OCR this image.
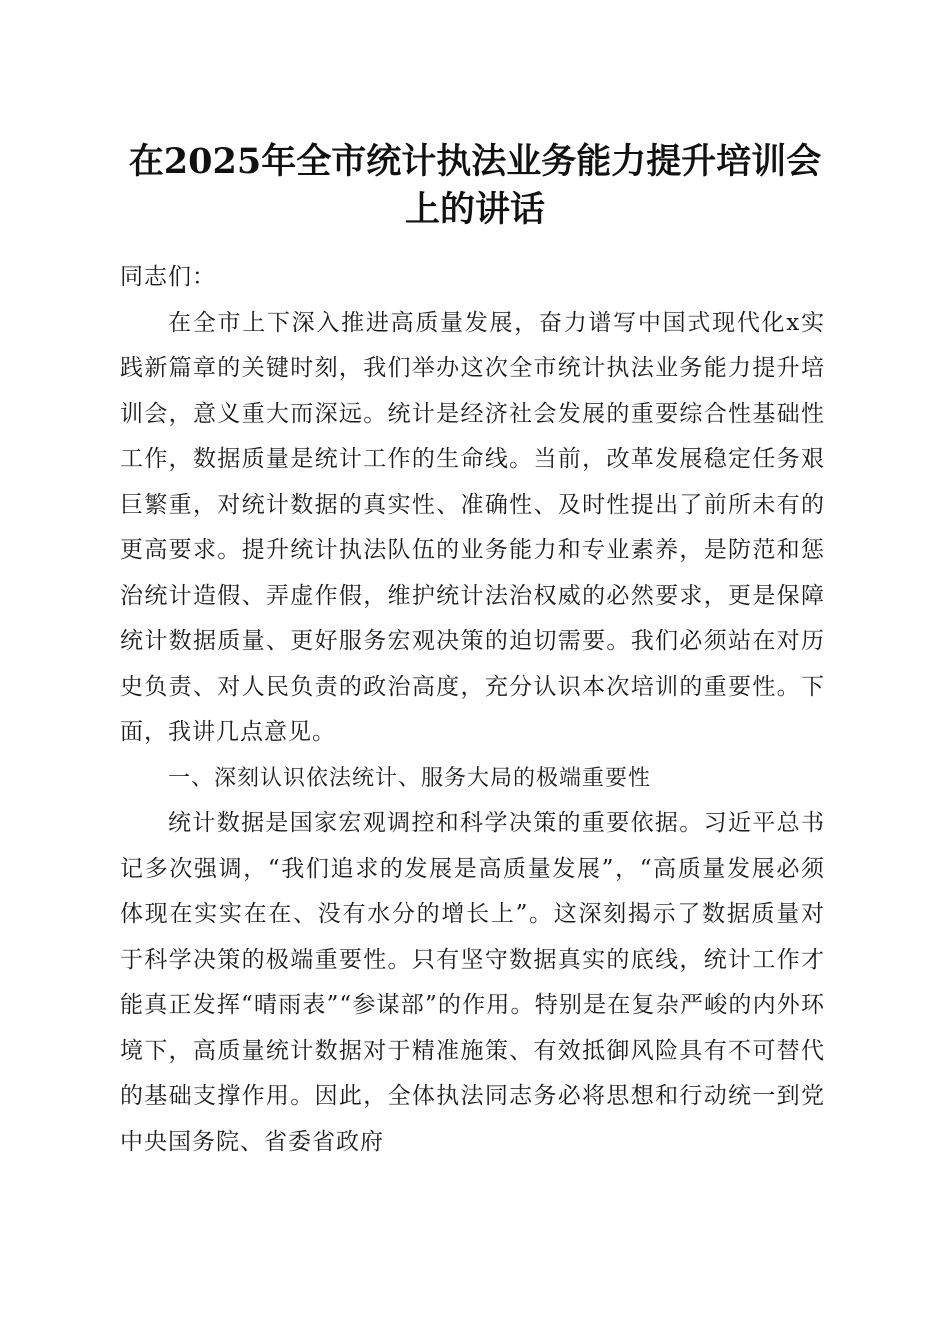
在2025年全市统计执法业务能力提升培训会
上的讲话

同志们：

在全市上下深入推进高质量发展，奋力谱写中国式现代化x实践新篇章的关键时刻，我们举办这次全市统计执法业务能力提升培训会，意义重大而深远。统计是经济社会发展的重要综合性基础性工作，数据质量是统计工作的生命线。当前，改革发展稳定任务艰巨繁重，对统计数据的真实性、准确性、及时性提出了前所未有的更高要求。提升统计执法队伍的业务能力和专业素养，是防范和惩治统计造假、弄虚作假，维护统计法治权威的必然要求，更是保障统计数据质量、更好服务宏观决策的迫切需要。我们必须站在对历史负责、对人民负责的政治高度，充分认识本次培训的重要性。下面，我讲几点意见。

一、深刻认识依法统计、服务大局的极端重要性

统计数据是国家宏观调控和科学决策的重要依据。习近平总书记多次强调，“我们追求的发展是高质量发展”，“高质量发展必须体现在实实在在、没有水分的增长上”。这深刻揭示了数据质量对于科学决策的极端重要性。只有坚守数据真实的底线，统计工作才能真正发挥“晴雨表”“参谋部”的作用。特别是在复杂严峻的内外环境下，高质量统计数据对于精准施策、有效抵御风险具有不可替代的基础支撑作用。因此，全体执法同志务必将思想和行动统一到党中央国务院、省委省政府
